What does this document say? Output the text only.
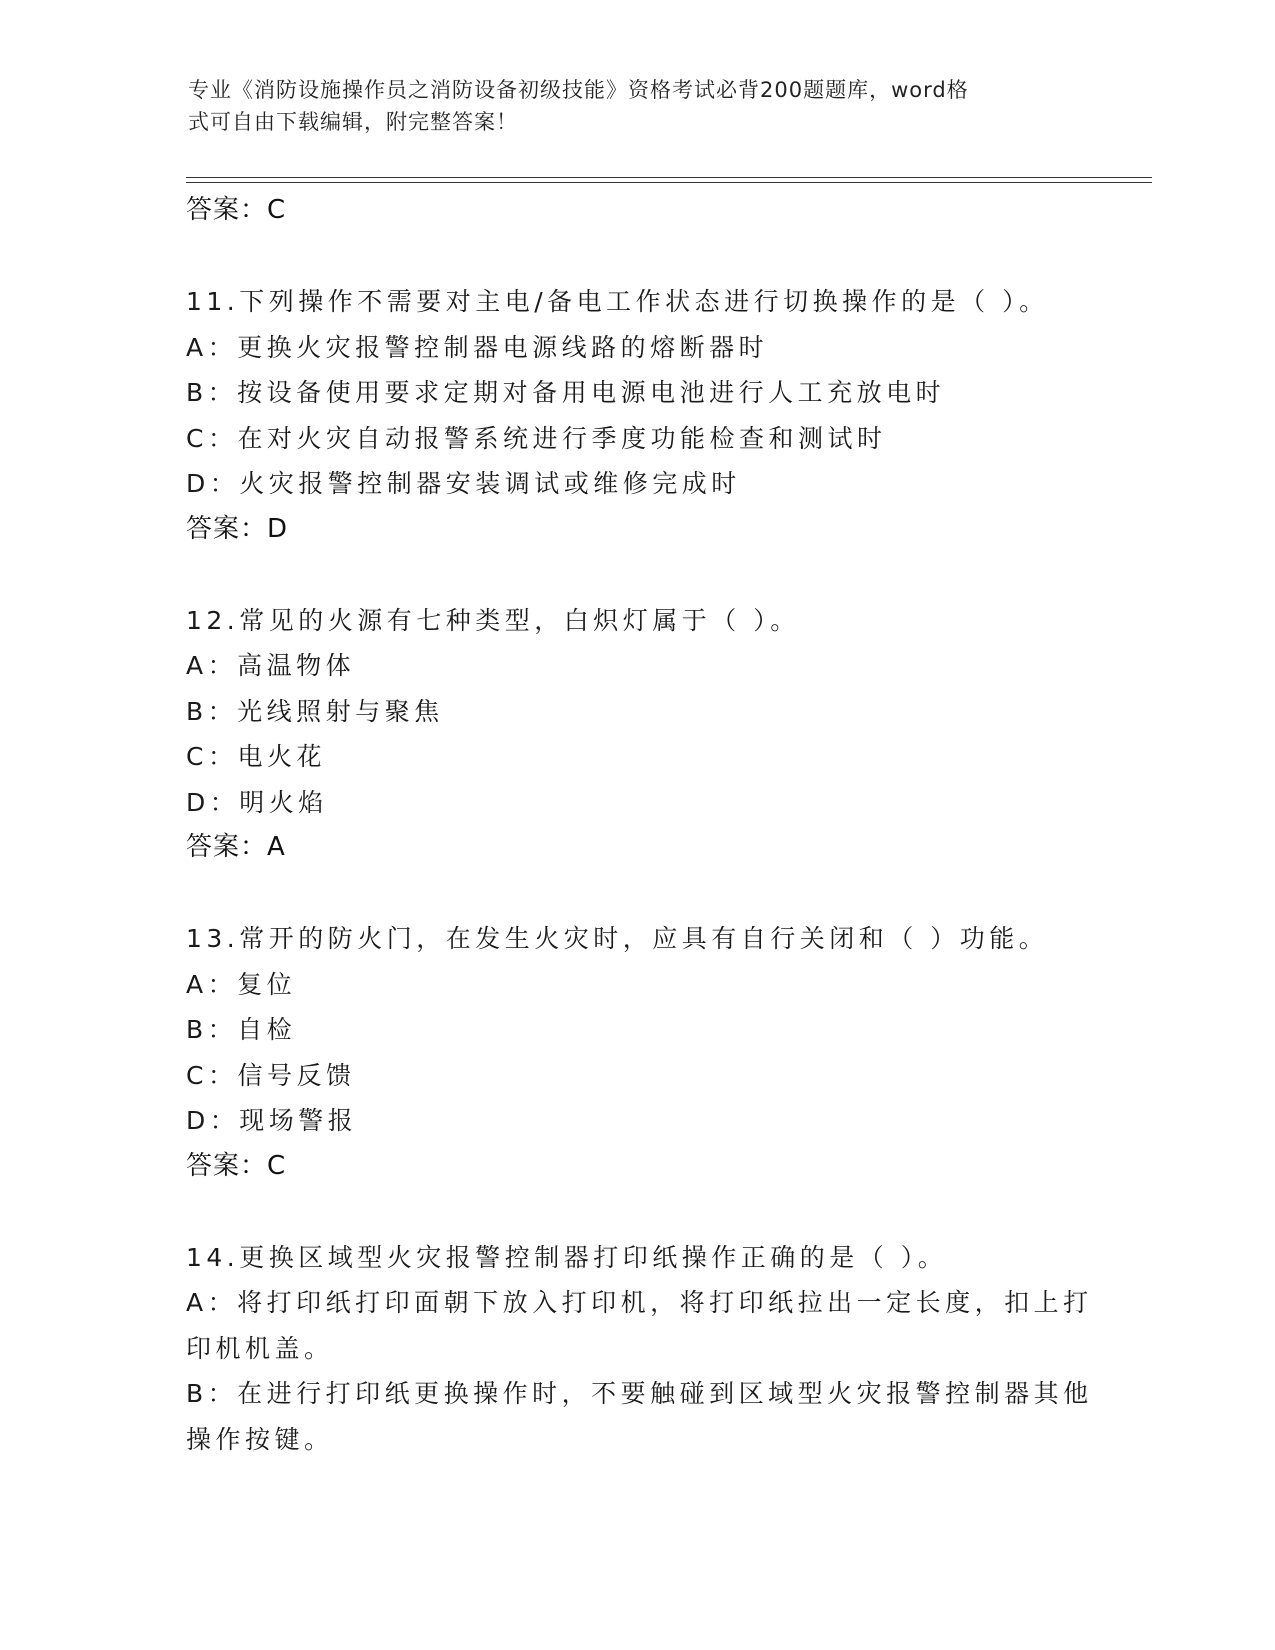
专业《消防设施操作员之消防设备初级技能》资格考试必背200题题库，word格
式可自由下载编辑，附完整答案！
答案：C
11.下列操作不需要对主电/备电工作状态进行切换操作的是（ ）。
A：更换火灾报警控制器电源线路的熔断器时
B：按设备使用要求定期对备用电源电池进行人工充放电时
C：在对火灾自动报警系统进行季度功能检查和测试时
D：火灾报警控制器安装调试或维修完成时
答案：D
12.常见的火源有七种类型，白炽灯属于（ ）。
A：高温物体
B：光线照射与聚焦
C：电火花
D：明火焰
答案：A
13.常开的防火门，在发生火灾时，应具有自行关闭和（ ）功能。
A：复位
B：自检
C：信号反馈
D：现场警报
答案：C
14.更换区域型火灾报警控制器打印纸操作正确的是（ ）。
A：将打印纸打印面朝下放入打印机，将打印纸拉出一定长度，扣上打
印机机盖。
B：在进行打印纸更换操作时，不要触碰到区域型火灾报警控制器其他
操作按键。
